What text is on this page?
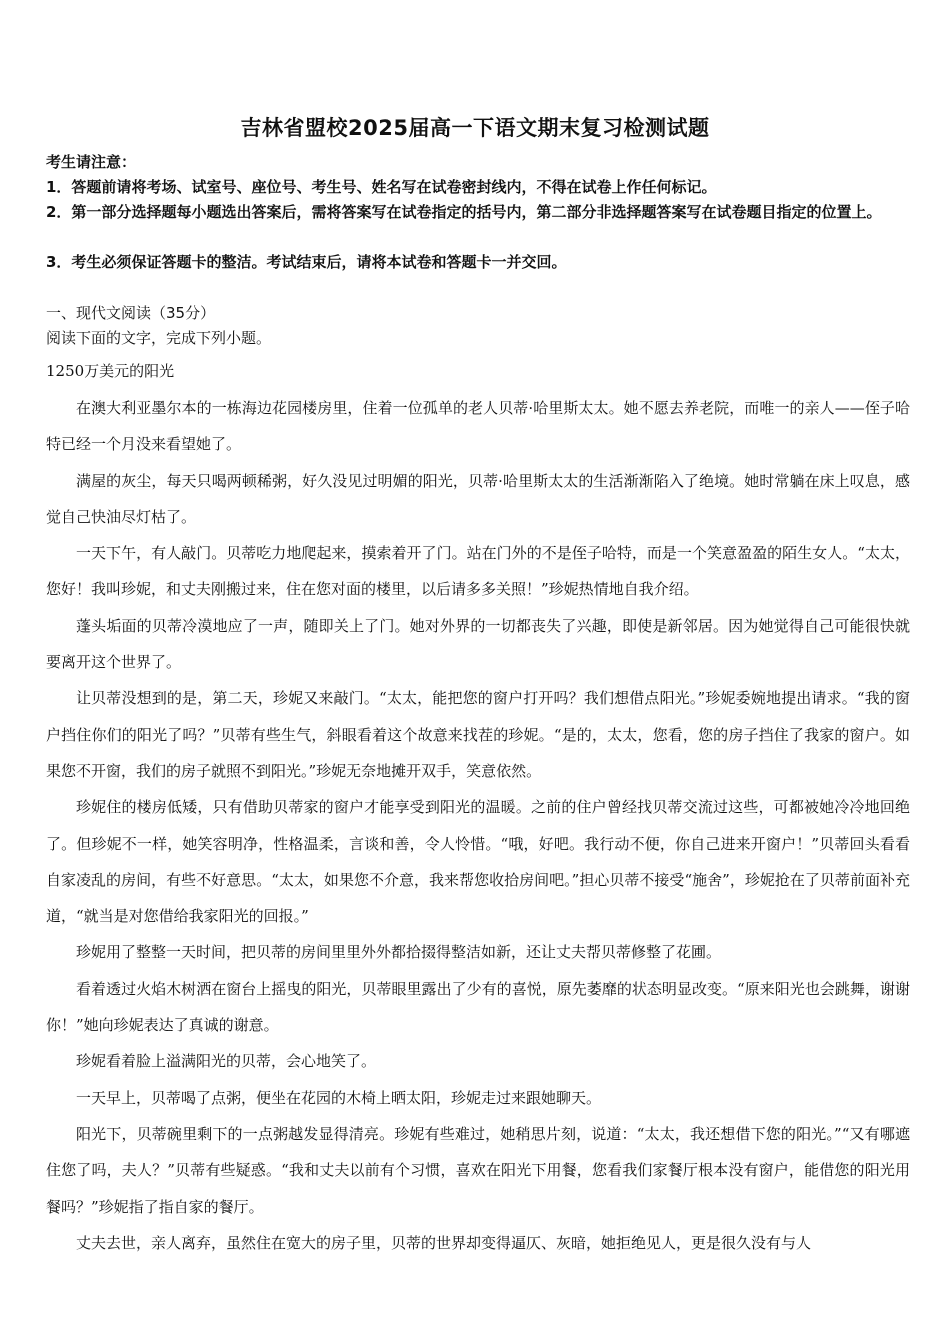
吉林省盟校2025届高一下语文期末复习检测试题
考生请注意：
1．答题前请将考场、试室号、座位号、考生号、姓名写在试卷密封线内，不得在试卷上作任何标记。
2．第一部分选择题每小题选出答案后，需将答案写在试卷指定的括号内，第二部分非选择题答案写在试卷题目指定的位置上。
3．考生必须保证答题卡的整洁。考试结束后，请将本试卷和答题卡一并交回。
一、现代文阅读（35分）
阅读下面的文字，完成下列小题。
1250万美元的阳光

在澳大利亚墨尔本的一栋海边花园楼房里，住着一位孤单的老人贝蒂·哈里斯太太。她不愿去养老院，而唯一的亲人——侄子哈特已经一个月没来看望她了。

满屋的灰尘，每天只喝两顿稀粥，好久没见过明媚的阳光，贝蒂·哈里斯太太的生活渐渐陷入了绝境。她时常躺在床上叹息，感觉自己快油尽灯枯了。

一天下午，有人敲门。贝蒂吃力地爬起来，摸索着开了门。站在门外的不是侄子哈特，而是一个笑意盈盈的陌生女人。“太太，您好！我叫珍妮，和丈夫刚搬过来，住在您对面的楼里，以后请多多关照！”珍妮热情地自我介绍。

蓬头垢面的贝蒂冷漠地应了一声，随即关上了门。她对外界的一切都丧失了兴趣，即使是新邻居。因为她觉得自己可能很快就要离开这个世界了。

让贝蒂没想到的是，第二天，珍妮又来敲门。“太太，能把您的窗户打开吗？我们想借点阳光。”珍妮委婉地提出请求。“我的窗户挡住你们的阳光了吗？”贝蒂有些生气，斜眼看着这个故意来找茬的珍妮。“是的，太太，您看，您的房子挡住了我家的窗户。如果您不开窗，我们的房子就照不到阳光。”珍妮无奈地摊开双手，笑意依然。

珍妮住的楼房低矮，只有借助贝蒂家的窗户才能享受到阳光的温暖。之前的住户曾经找贝蒂交流过这些，可都被她冷冷地回绝了。但珍妮不一样，她笑容明净，性格温柔，言谈和善，令人怜惜。“哦，好吧。我行动不便，你自己进来开窗户！”贝蒂回头看看自家凌乱的房间，有些不好意思。“太太，如果您不介意，我来帮您收拾房间吧。”担心贝蒂不接受“施舍”，珍妮抢在了贝蒂前面补充道，“就当是对您借给我家阳光的回报。”

珍妮用了整整一天时间，把贝蒂的房间里里外外都拾掇得整洁如新，还让丈夫帮贝蒂修整了花圃。

看着透过火焰木树洒在窗台上摇曳的阳光，贝蒂眼里露出了少有的喜悦，原先萎靡的状态明显改变。“原来阳光也会跳舞，谢谢你！”她向珍妮表达了真诚的谢意。

珍妮看着脸上溢满阳光的贝蒂，会心地笑了。

一天早上，贝蒂喝了点粥，便坐在花园的木椅上晒太阳，珍妮走过来跟她聊天。

阳光下，贝蒂碗里剩下的一点粥越发显得清亮。珍妮有些难过，她稍思片刻，说道：“太太，我还想借下您的阳光。”“又有哪遮住您了吗，夫人？”贝蒂有些疑惑。“我和丈夫以前有个习惯，喜欢在阳光下用餐，您看我们家餐厅根本没有窗户，能借您的阳光用餐吗？”珍妮指了指自家的餐厅。

丈夫去世，亲人离弃，虽然住在宽大的房子里，贝蒂的世界却变得逼仄、灰暗，她拒绝见人，更是很久没有与人
